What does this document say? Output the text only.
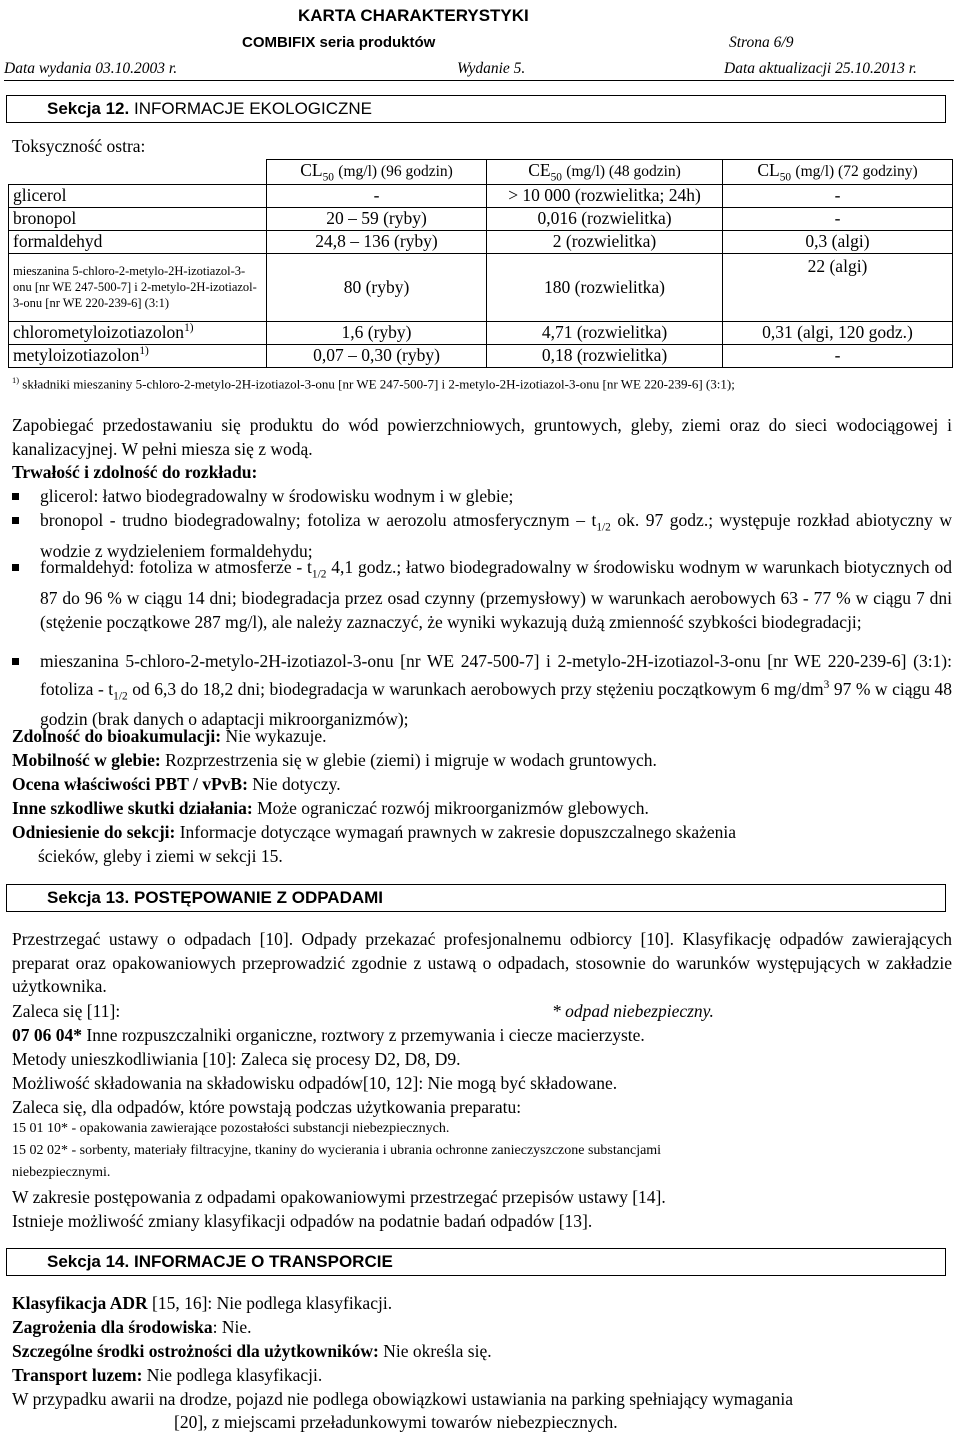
KARTA CHARAKTERYSTYKI
COMBIFIX seria produktów	Strona 6/9
Data wydania 03.10.2003 r.	Wydanie 5.	Data aktualizacji 25.10.2013 r.
Sekcja 12. INFORMACJE EKOLOGICZNE
Toksyczność ostra:
	$CL_{50}$ (mg/l) (96 godzin)	$CE_{50}$ (mg/l) (48 godzin)	$CL_{50}$ (mg/l) (72 godziny)
glicerol	-	> 10 000 (rozwielitka; 24h)	-
bronopol	20 – 59 (ryby)	0,016 (rozwielitka)	-
formaldehyd	24,8 – 136 (ryby)	2 (rozwielitka)	0,3 (algi)
mieszanina 5-chloro-2-metylo-2H-izotiazol-3-onu [nr WE 247-500-7] i 2-metylo-2H-izotiazol-3-onu [nr WE 220-239-6] (3:1)	80 (ryby)	180 (rozwielitka)	22 (algi)
chlorometyloizotiazolon$^{1)}$	1,6 (ryby)	4,71 (rozwielitka)	0,31 (algi, 120 godz.)
metyloizotiazolon$^{1)}$	0,07 – 0,30 (ryby)	0,18 (rozwielitka)	-
$^{1)}$ składniki mieszaniny 5-chloro-2-metylo-2H-izotiazol-3-onu [nr WE 247-500-7] i 2-metylo-2H-izotiazol-3-onu [nr WE 220-239-6] (3:1);
Zapobiegać przedostawaniu się produktu do wód powierzchniowych, gruntowych, gleby, ziemi oraz do sieci wodociągowej i kanalizacyjnej. W pełni miesza się z wodą.
Trwałość i zdolność do rozkładu:
glicerol: łatwo biodegradowalny w środowisku wodnym i w glebie;
bronopol - trudno biodegradowalny; fotoliza w aerozolu atmosferycznym – $t_{1/2}$ ok. 97 godz.; występuje rozkład abiotyczny w wodzie z wydzieleniem formaldehydu;
formaldehyd: fotoliza w atmosferze - $t_{1/2}$ 4,1 godz.; łatwo biodegradowalny w środowisku wodnym w warunkach biotycznych od 87 do 96 % w ciągu 14 dni; biodegradacja przez osad czynny (przemysłowy) w warunkach aerobowych 63 - 77 % w ciągu 7 dni (stężenie początkowe 287 mg/l), ale należy zaznaczyć, że wyniki wykazują dużą zmienność szybkości biodegradacji;
mieszanina 5-chloro-2-metylo-2H-izotiazol-3-onu [nr WE 247-500-7] i 2-metylo-2H-izotiazol-3-onu [nr WE 220-239-6] (3:1): fotoliza - $t_{1/2}$ od 6,3 do 18,2 dni; biodegradacja w warunkach aerobowych przy stężeniu początkowym 6 $mg/dm^3$ 97 % w ciągu 48 godzin (brak danych o adaptacji mikroorganizmów);
Zdolność do bioakumulacji: Nie wykazuje.
Mobilność w glebie: Rozprzestrzenia się w glebie (ziemi) i migruje w wodach gruntowych.
Ocena właściwości PBT / vPvB: Nie dotyczy.
Inne szkodliwe skutki działania: Może ograniczać rozwój mikroorganizmów glebowych.
Odniesienie do sekcji: Informacje dotyczące wymagań prawnych w zakresie dopuszczalnego skażenia
ścieków, gleby i ziemi w sekcji 15.
Sekcja 13. POSTĘPOWANIE Z ODPADAMI
Przestrzegać ustawy o odpadach [10]. Odpady przekazać profesjonalnemu odbiorcy [10]. Klasyfikację odpadów zawierających preparat oraz opakowaniowych przeprowadzić zgodnie z ustawą o odpadach, stosownie do warunków występujących w zakładzie użytkownika.
Zaleca się [11]:	* odpad niebezpieczny.
07 06 04* Inne rozpuszczalniki organiczne, roztwory z przemywania i ciecze macierzyste.
Metody unieszkodliwiania [10]: Zaleca się procesy D2, D8, D9.
Możliwość składowania na składowisku odpadów[10, 12]: Nie mogą być składowane.
Zaleca się, dla odpadów, które powstają podczas użytkowania preparatu:
15 01 10* - opakowania zawierające pozostałości substancji niebezpiecznych.
15 02 02* - sorbenty, materiały filtracyjne, tkaniny do wycierania i ubrania ochronne zanieczyszczone substancjami
niebezpiecznymi.
W zakresie postępowania z odpadami opakowaniowymi przestrzegać przepisów ustawy [14].
Istnieje możliwość zmiany klasyfikacji odpadów na podatnie badań odpadów [13].
Sekcja 14. INFORMACJE O TRANSPORCIE
Klasyfikacja ADR [15, 16]: Nie podlega klasyfikacji.
Zagrożenia dla środowiska: Nie.
Szczególne środki ostrożności dla użytkowników: Nie określa się.
Transport luzem: Nie podlega klasyfikacji.
W przypadku awarii na drodze, pojazd nie podlega obowiązkowi ustawiania na parking spełniający wymagania
[20], z miejscami przeładunkowymi towarów niebezpiecznych.
